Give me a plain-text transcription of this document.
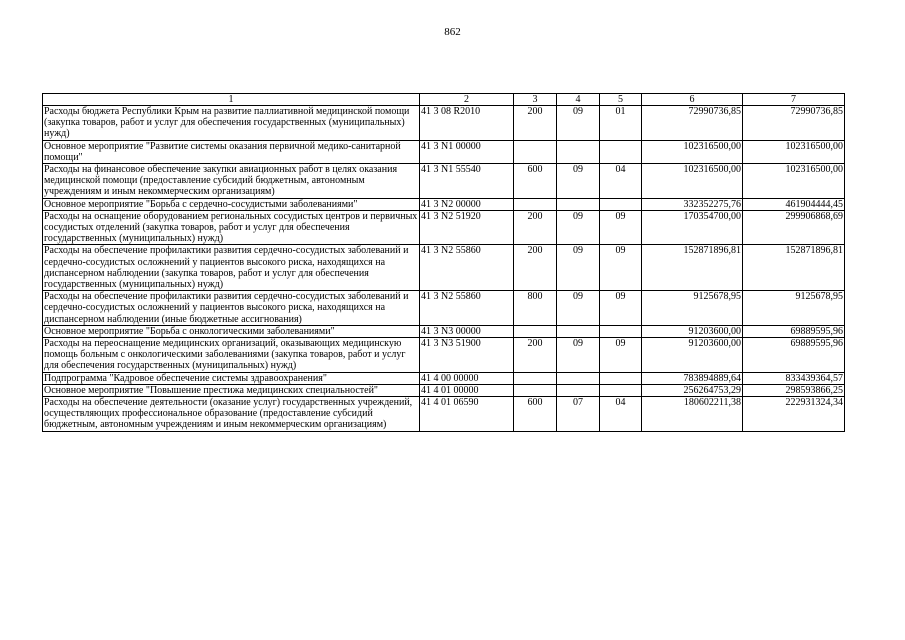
862
1	2	3	4	5	6	7
Расходы бюджета Республики Крым на развитие паллиативной медицинской помощи (закупка товаров, работ и услуг для обеспечения государственных (муниципальных) нужд)	41 3 08 R2010	200	09	01	72990736,85	72990736,85
Основное мероприятие "Развитие системы оказания первичной медико-санитарной помощи"	41 3 N1 00000				102316500,00	102316500,00
Расходы на финансовое обеспечение закупки авиационных работ в целях оказания медицинской помощи (предоставление субсидий бюджетным, автономным учреждениям и иным некоммерческим организациям)	41 3 N1 55540	600	09	04	102316500,00	102316500,00
Основное мероприятие "Борьба с сердечно-сосудистыми заболеваниями"	41 3 N2 00000				332352275,76	461904444,45
Расходы на оснащение оборудованием региональных сосудистых центров и первичных сосудистых отделений (закупка товаров, работ и услуг для обеспечения государственных (муниципальных) нужд)	41 3 N2 51920	200	09	09	170354700,00	299906868,69
Расходы на обеспечение профилактики развития сердечно-сосудистых заболеваний и сердечно-сосудистых осложнений у пациентов высокого риска, находящихся на диспансерном наблюдении (закупка товаров, работ и услуг для обеспечения государственных (муниципальных) нужд)	41 3 N2 55860	200	09	09	152871896,81	152871896,81
Расходы на обеспечение профилактики развития сердечно-сосудистых заболеваний и сердечно-сосудистых осложнений у пациентов высокого риска, находящихся на диспансерном наблюдении (иные бюджетные ассигнования)	41 3 N2 55860	800	09	09	9125678,95	9125678,95
Основное мероприятие "Борьба с онкологическими заболеваниями"	41 3 N3 00000				91203600,00	69889595,96
Расходы на переоснащение медицинских организаций, оказывающих медицинскую помощь больным с онкологическими заболеваниями (закупка товаров, работ и услуг для обеспечения государственных (муниципальных) нужд)	41 3 N3 51900	200	09	09	91203600,00	69889595,96
Подпрограмма "Кадровое обеспечение системы здравоохранения"	41 4 00 00000				783894889,64	833439364,57
Основное мероприятие "Повышение престижа медицинских специальностей"	41 4 01 00000				256264753,29	298593866,25
Расходы на обеспечение деятельности (оказание услуг) государственных учреждений, осуществляющих профессиональное образование (предоставление субсидий бюджетным, автономным учреждениям и иным некоммерческим организациям)	41 4 01 06590	600	07	04	180602211,38	222931324,34
